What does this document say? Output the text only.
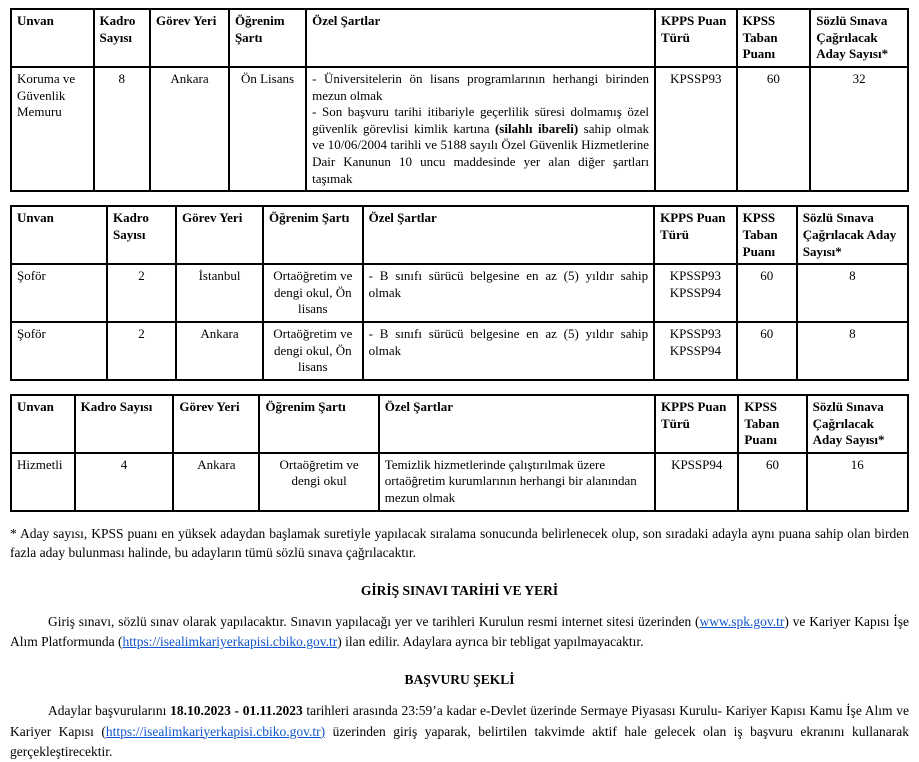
Unvan	Kadro Sayısı	Görev Yeri	Öğrenim Şartı	Özel Şartlar	KPPS Puan Türü	KPSS Taban Puanı	Sözlü Sınava Çağrılacak Aday Sayısı*
Koruma ve Güvenlik Memuru	8	Ankara	Ön Lisans	- Üniversitelerin ön lisans programlarının herhangi birinden mezun olmak
- Son başvuru tarihi itibariyle geçerlilik süresi dolmamış özel güvenlik görevlisi kimlik kartına (silahlı ibareli) sahip olmak ve 10/06/2004 tarihli ve 5188 sayılı Özel Güvenlik Hizmetlerine Dair Kanunun 10 uncu maddesinde yer alan diğer şartları taşımak	KPSSP93	60	32
Unvan	Kadro Sayısı	Görev Yeri	Öğrenim Şartı	Özel Şartlar	KPPS Puan Türü	KPSS Taban Puanı	Sözlü Sınava Çağrılacak Aday Sayısı*
Şoför	2	İstanbul	Ortaöğretim ve dengi okul, Ön lisans	- B sınıfı sürücü belgesine en az (5) yıldır sahip olmak	KPSSP93
KPSSP94	60	8
Şoför	2	Ankara	Ortaöğretim ve dengi okul, Ön lisans	- B sınıfı sürücü belgesine en az (5) yıldır sahip olmak	KPSSP93
KPSSP94	60	8
Unvan	Kadro Sayısı	Görev Yeri	Öğrenim Şartı	Özel Şartlar	KPPS Puan Türü	KPSS Taban Puanı	Sözlü Sınava Çağrılacak Aday Sayısı*
Hizmetli	4	Ankara	Ortaöğretim ve dengi okul	Temizlik hizmetlerinde çalıştırılmak üzere ortaöğretim kurumlarının herhangi bir alanından mezun olmak	KPSSP94	60	16

* Aday sayısı, KPSS puanı en yüksek adaydan başlamak suretiyle yapılacak sıralama sonucunda belirlenecek olup, son sıradaki adayla aynı puana sahip olan birden fazla aday bulunması halinde, bu adayların tümü sözlü sınava çağrılacaktır.

GİRİŞ SINAVI TARİHİ VE YERİ

Giriş sınavı, sözlü sınav olarak yapılacaktır. Sınavın yapılacağı yer ve tarihleri Kurulun resmi internet sitesi üzerinden (www.spk.gov.tr) ve Kariyer Kapısı İşe Alım Platformunda (https://isealimkariyerkapisi.cbiko.gov.tr) ilan edilir. Adaylara ayrıca bir tebligat yapılmayacaktır.

BAŞVURU ŞEKLİ

Adaylar başvurularını 18.10.2023 - 01.11.2023 tarihleri arasında 23:59’a kadar e-Devlet üzerinde Sermaye Piyasası Kurulu- Kariyer Kapısı Kamu İşe Alım ve Kariyer Kapısı (https://isealimkariyerkapisi.cbiko.gov.tr) üzerinden giriş yaparak, belirtilen takvimde aktif hale gelecek olan iş başvuru ekranını kullanarak gerçekleştirecektir.
